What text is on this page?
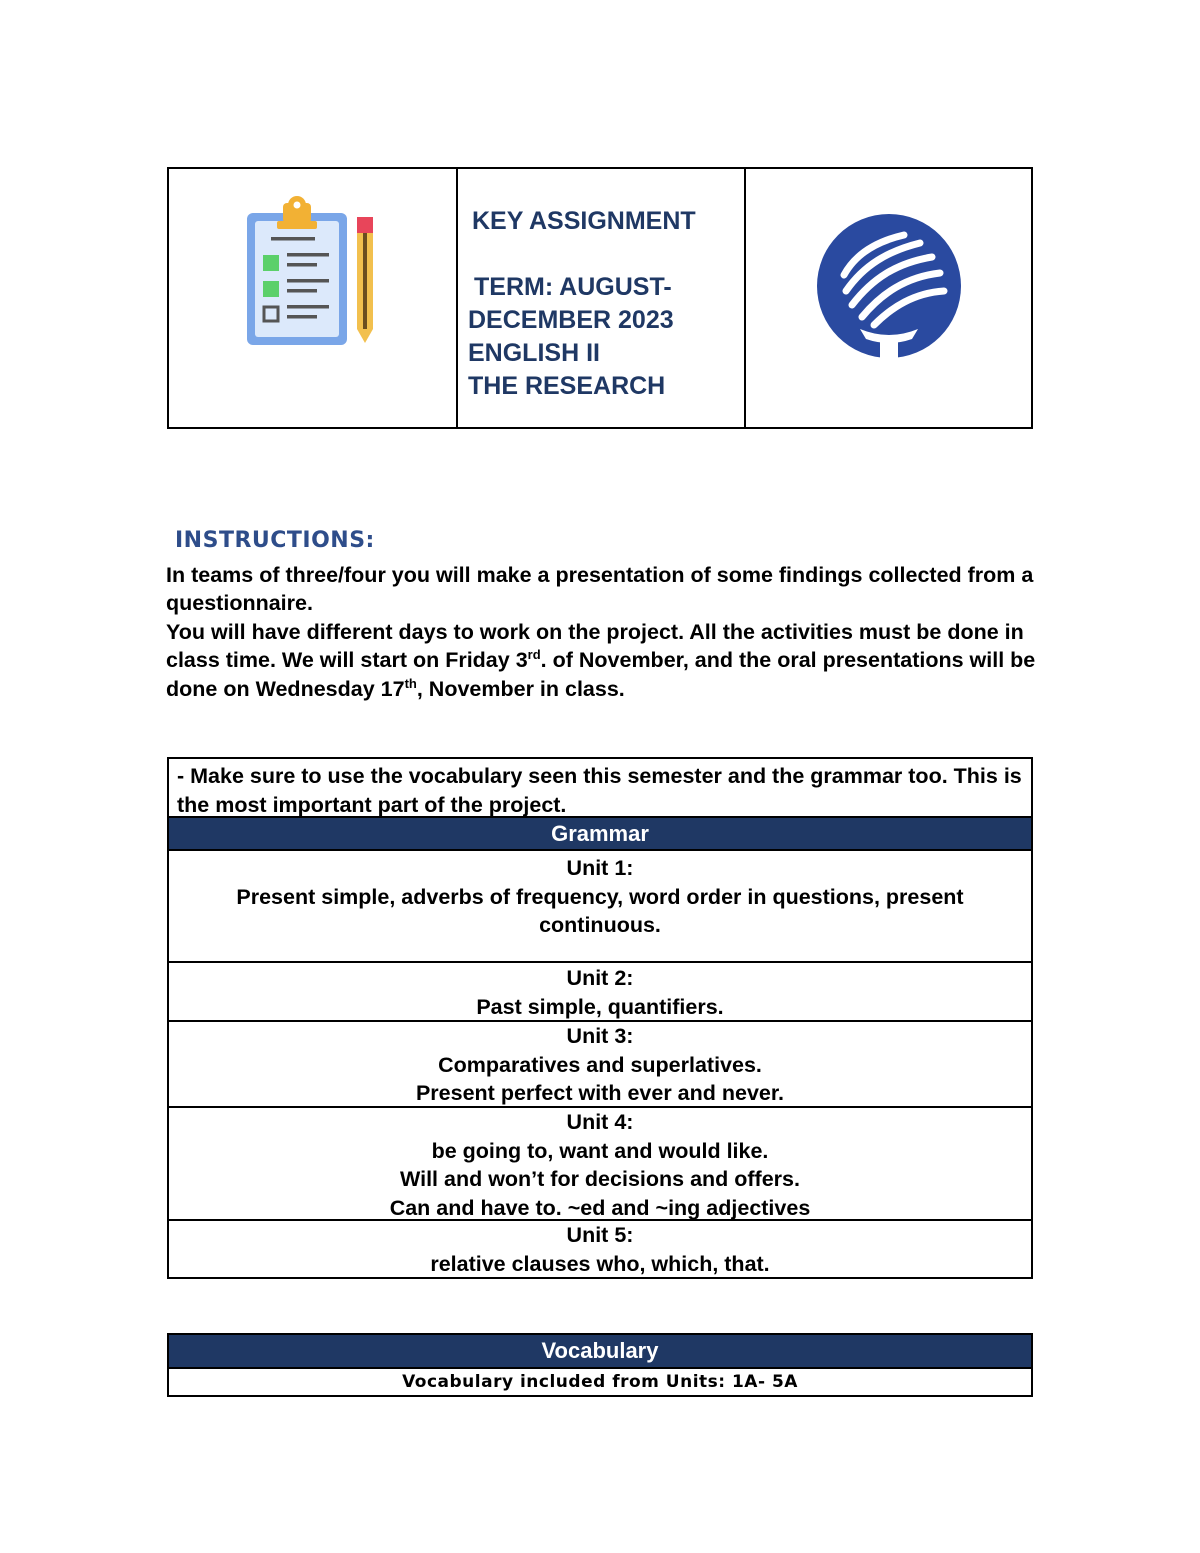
KEY ASSIGNMENT
TERM: AUGUST-
DECEMBER 2023
ENGLISH II
THE RESEARCH
INSTRUCTIONS:

In teams of three/four you will make a presentation of some findings collected from a questionnaire.

You will have different days to work on the project. All the activities must be done in class time. We will start on Friday 3rd. of November, and the oral presentations will be done on Wednesday 17th, November in class.

- Make sure to use the vocabulary seen this semester and the grammar too. This is the most important part of the project.
Grammar
Unit 1:
Present simple, adverbs of frequency, word order in questions, present continuous.
Unit 2:
Past simple, quantifiers.
Unit 3:
Comparatives and superlatives.
Present perfect with ever and never.
Unit 4:
be going to, want and would like.
Will and won’t for decisions and offers.
Can and have to. ~ed and ~ing adjectives
Unit 5:
relative clauses who, which, that.
Vocabulary
Vocabulary included from Units: 1A- 5A
